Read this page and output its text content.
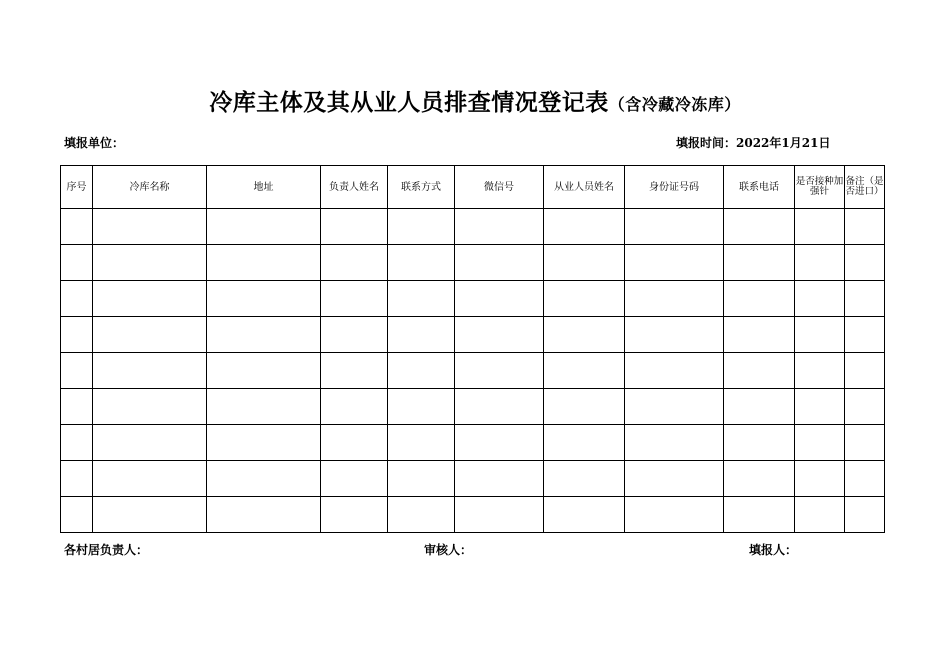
冷库主体及其从业人员排查情况登记表（含冷藏冷冻库）
填报单位：	填报时间：2022年1月21日
序号	冷库名称	地址	负责人姓名	联系方式	微信号	从业人员姓名	身份证号码	联系电话	是否接种加强针	备注（是否进口）

各村居负责人：	审核人：	填报人：
